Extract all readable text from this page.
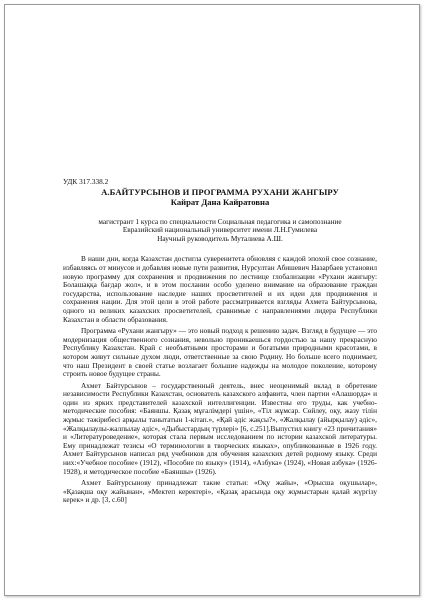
УДК 317.338.2

А.БАЙТУРСЫНОВ И ПРОГРАММА РУХАНИ ЖАНГЫРУ

Кайрат Дана Кайратовна

магистрант 1 курса по специальности Социальная педагогика и самопознание

Евразийский национальный университет имени Л.Н.Гумилева

Научный руководитель Муталиева А.Ш.

В наши дни, когда Казахстан достигла суверенитета обновляя с каждой эпохой свое сознание, избавляясь от минусов и добавляя новые пути развития, Нурсултан Абишевич Назарбаев установил новую программу для сохранения и продвижения по лестнице глобализации «Рухани жангыру: Болашаққа бағдар жол», и в этом послании особо уделено внимание на образование граждан государства, использование наследие наших просветителей и их идеи для продвижения и сохранения нации. Для этой цели в этой работе рассматривается взгляды Ахмета Байтурсынова, одного из великих казахских просветителей, сравнимые с направлениями лидера Республики Казахстан в области образования.

Программа «Рухани жангыру» — это новый подход к решению задач. Взгляд в будущее — это модернизация общественного сознания, невольно проникаешься гордостью за нашу прекрасную Республику Казахстан. Край с необъятными просторами и богатыми природными красотами, в котором живут сильные духом люди, ответственные за свою Родину. Но больше всего поднимает, что наш Президент в своей статье возлагает большие надежды на молодое поколение, которому строить новое будущее страны.

Ахмет Байтурсынов – государственный деятель, внес неоценимый вклад в обретение независимости Республики Казахстан, основатель казахского алфавита, член партии «Алашорда» и один из ярких представителей казахской интеллигенции. Известны его труды, как учебно-методические пособия: «Баяншы. Қазақ мұғалімдері үшін», «Тіл жұмсар. Сөйлеу, оқу, жазу тілін жұмыс тәжірибесі арқылы танытатын 1-кітап.», «Қай әдіс жақсы?», «Жалқылау (айырқылау) әдіс», «Жалқылаулы-жалпылау әдіс», «Дыбыстардың түрлері» [6, с.251].Выпустил книгу «23 причитания» и «Литературоведение», которая стала первым исследованием по истории казахской литературы. Ему принадлежат тезисы «О терминологии в творческих языках», опубликованные в 1926 году. Ахмет Байтурсынов написал ряд учебников для обучения казахских детей родному языку. Среди них:«Учебное пособие» (1912), «Пособие по языку» (1914), «Азбука» (1924), «Новая азбука» (1926-1928), и методическое пособие «Баяншы» (1926).

Ахмет Байтурсынову принадлежат такие статьи: «Оқу жайы», «Орысша оқушылар», «Қазақша оқу жайынан», «Мектеп керектері», «Қазақ арасында оқу жұмыстарын қалай жүргізу керек» и др. [3, с.60]
